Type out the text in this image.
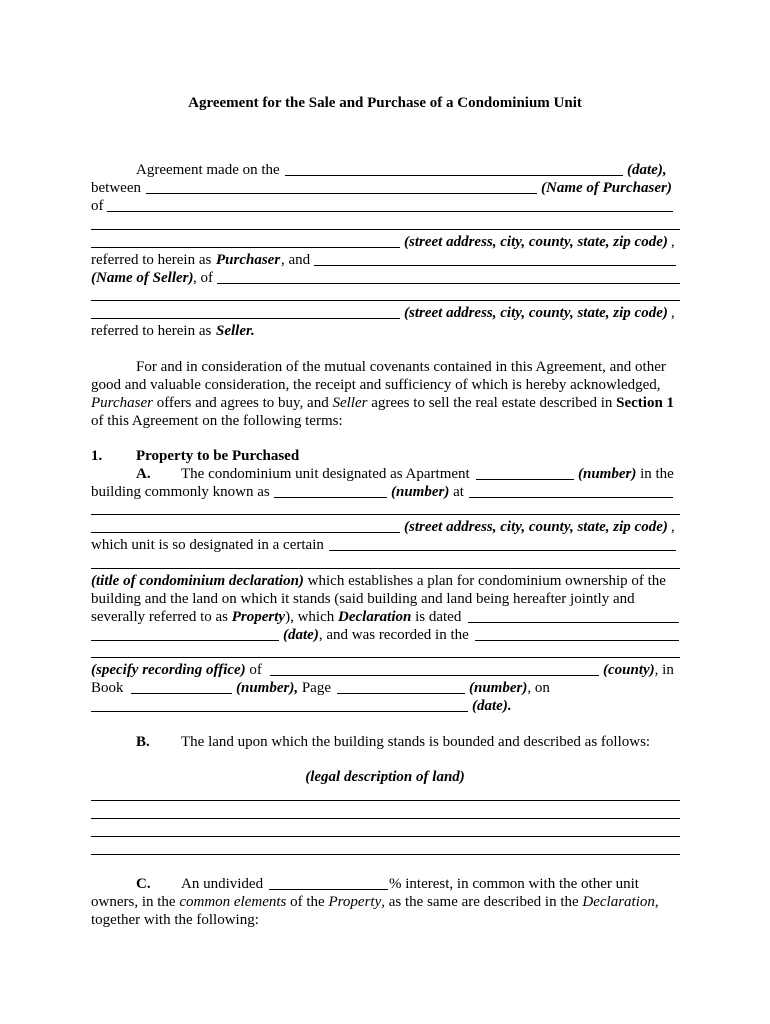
Agreement for the Sale and Purchase of a Condominium Unit
Agreement made on the	(date),
between	(Name of Purchaser)
of
(street address, city, county, state, zip code) ,
referred to herein as Purchaser , and
(Name of Seller) , of
(street address, city, county, state, zip code) ,
referred to herein as Seller.
For and in consideration of the mutual covenants contained in this Agreement, and other
good and valuable consideration, the receipt and sufficiency of which is hereby acknowledged,
Purchaser offers and agrees to buy, and Seller agrees to sell the real estate described in Section 1
of this Agreement on the following terms:
1. Property to be Purchased
A. The condominium unit designated as Apartment	(number) in the
building commonly known as	(number) at
(street address, city, county, state, zip code) ,
which unit is so designated in a certain
(title of condominium declaration) which establishes a plan for condominium ownership of the
building and the land on which it stands (said building and land being hereafter jointly and
severally referred to as Property), which Declaration is dated
(date), and was recorded in the
(specify recording office) of	(county), in
Book	(number), Page	(number), on
(date).
B. The land upon which the building stands is bounded and described as follows:
(legal description of land)
C. An undivided	% interest, in common with the other unit
owners, in the common elements of the Property, as the same are described in the Declaration,
together with the following:
